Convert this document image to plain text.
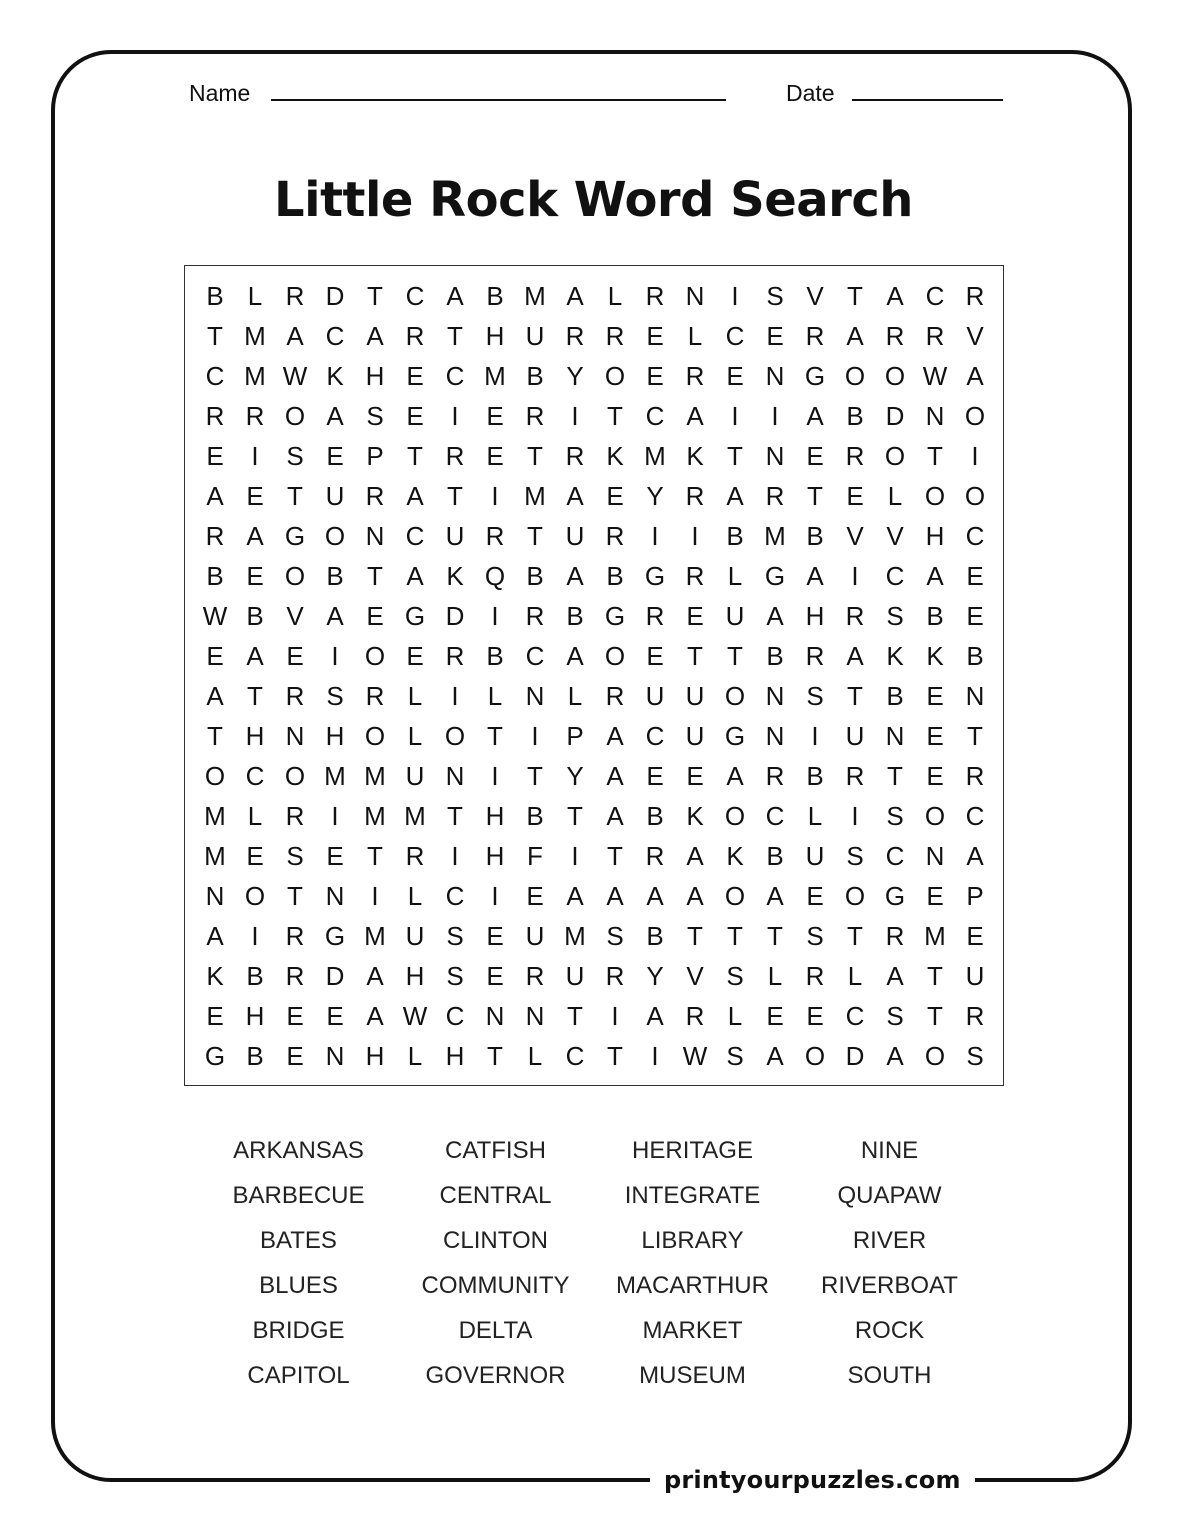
Name	Date
Little Rock Word Search
B L R D T C A B M A L R N	I	S V T A C R
T M A C A R T H U R R E L C E R A R R V
C M W K H E C M B Y O E R E N G O O W A
R R O A S E	I	E R	I	T C A	I	I	A B D N O
E	I	S E P T R E T R K M K T N E R O T	I
A E T U R A T	I M A E Y R A R T E L O O
R A G O N C U R T U R	I	I	B M B V V H C
B E O B T A K Q B A B G R L G A	I	C A E
W B V A E G D	I	R B G R E U A H R S B E
E A E	I	O E R B C A O E T T B R A K K B
A T R S R L	I	L N L R U U O N S T B E N
T H N H O L O T	I	P A C U G N	I	U N E T
O C O M M U N	I	T Y A E E A R B R T E R
M L R	I M M T H B T A B K O C L	I	S O C
M E S E T R	I	H F	I	T R A K B U S C N A
N O T N	I	L C	I	E A A A A O A E O G E P
A	I	R G M U S E U M S B T T T S T R M E
K B R D A H S E R U R Y V S L R L A T U
E H E E A W C N N T	I	A R L E E C S T R
G B E N H L H T L C T	I W S A O D A O S
ARKANSAS	CATFISH	HERITAGE	NINE
BARBECUE	CENTRAL	INTEGRATE	QUAPAW
BATES	CLINTON	LIBRARY	RIVER
BLUES	COMMUNITY	MACARTHUR	RIVERBOAT
BRIDGE	DELTA	MARKET	ROCK
CAPITOL	GOVERNOR	MUSEUM	SOUTH
printyourpuzzles.com
